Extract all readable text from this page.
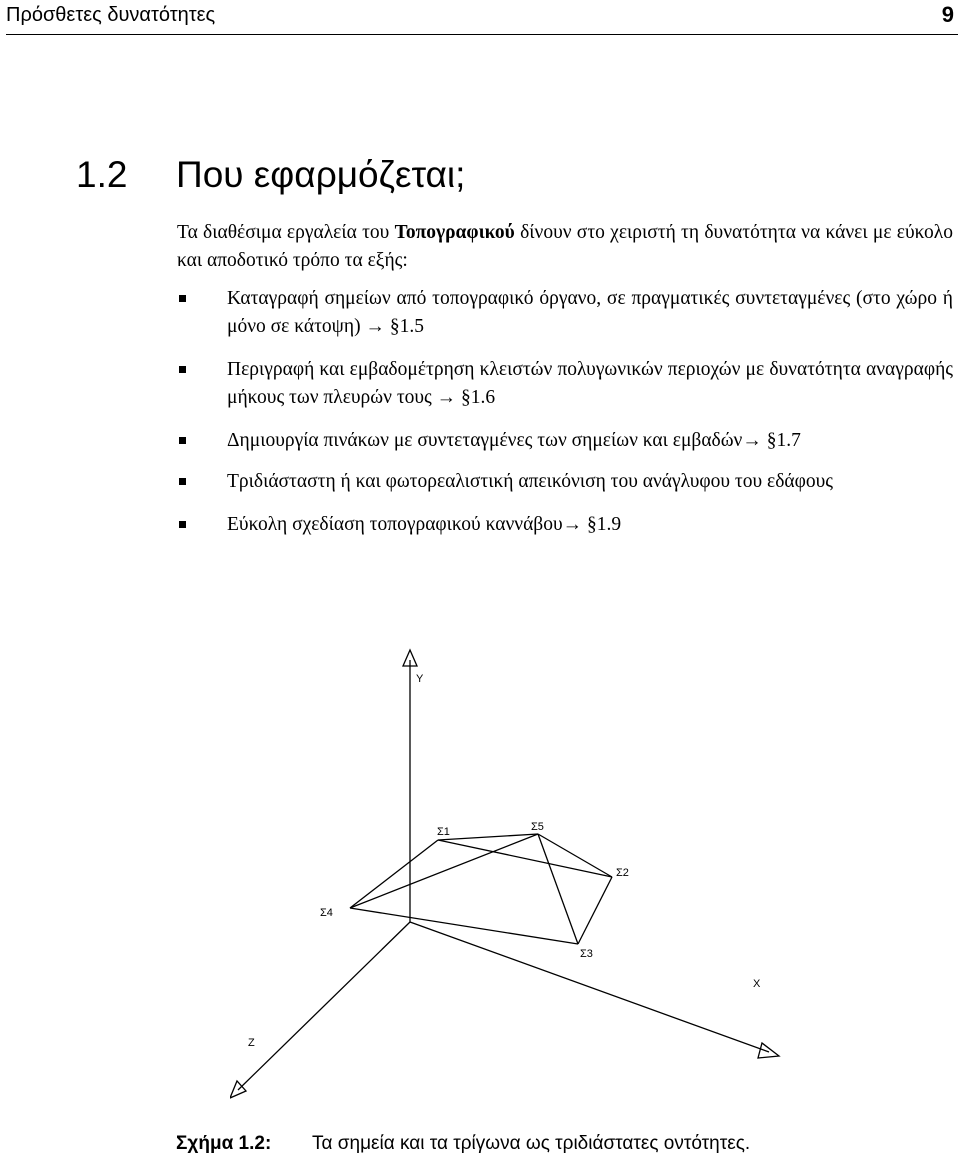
Πρόσθετες δυνατότητες	9
1.2 Που εφαρμόζεται;

Τα διαθέσιμα εργαλεία του Τοπογραφικού δίνουν στο χειριστή τη δυνατότητα να κάνει με εύκολο και αποδοτικό τρόπο τα εξής:

Καταγραφή σημείων από τοπογραφικό όργανο, σε πραγματικές συντεταγμένες (στο χώρο ή μόνο σε κάτοψη) → §1.5
Περιγραφή και εμβαδομέτρηση κλειστών πολυγωνικών περιοχών με δυνατότητα αναγραφής μήκους των πλευρών τους → §1.6
Δημιουργία πινάκων με συντεταγμένες των σημείων και εμβαδών→ §1.7
Τριδιάσταστη ή και φωτορεαλιστική απεικόνιση του ανάγλυφου του εδάφους
Εύκολη σχεδίαση τοπογραφικού καννάβου→ §1.9
Y
X
Z
Σ1	Σ5
Σ2
Σ4
Σ3
Σχήμα 1.2: Τα σημεία και τα τρίγωνα ως τριδιάστατες οντότητες.
